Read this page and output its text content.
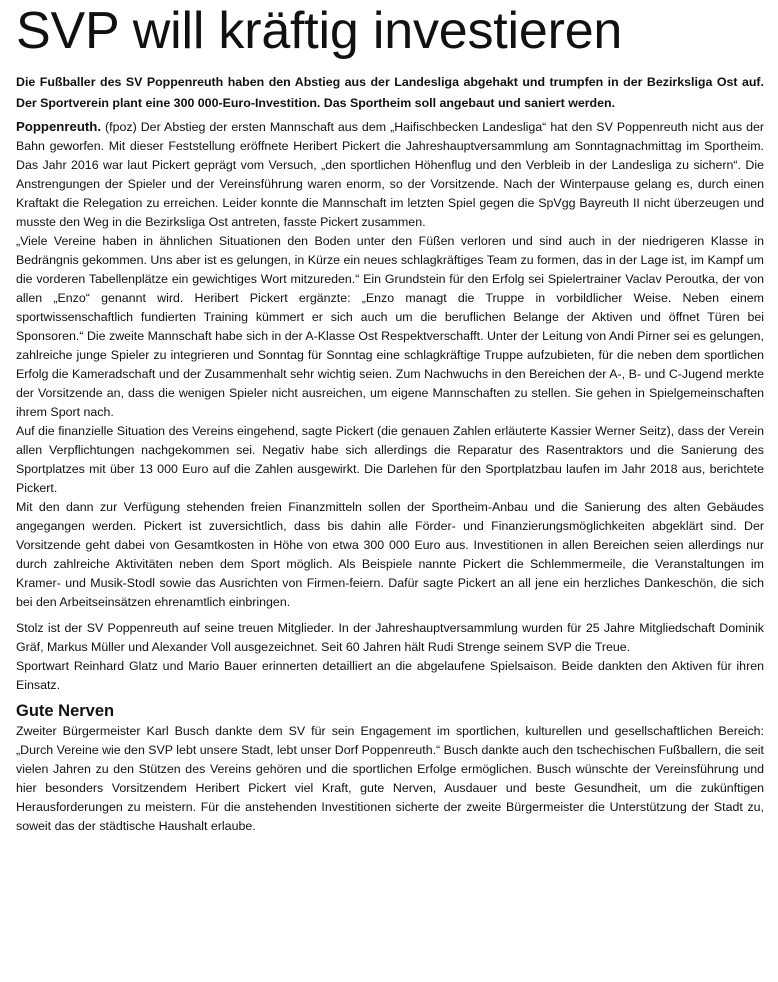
SVP will kräftig investieren

Die Fußballer des SV Poppenreuth haben den Abstieg aus der Landesliga abgehakt und trumpfen in der Bezirksliga Ost auf. Der Sportverein plant eine 300 000-Euro-Investition. Das Sportheim soll angebaut und saniert werden.

Poppenreuth. (fpoz) Der Abstieg der ersten Mannschaft aus dem „Haifischbecken Landesliga“ hat den SV Poppenreuth nicht aus der Bahn geworfen. Mit dieser Feststellung eröffnete Heribert Pickert die Jahreshauptversammlung am Sonntagnachmittag im Sportheim. Das Jahr 2016 war laut Pickert geprägt vom Versuch, „den sportlichen Höhenflug und den Verbleib in der Landesliga zu sichern“. Die Anstrengungen der Spieler und der Vereinsführung waren enorm, so der Vorsitzende. Nach der Winterpause gelang es, durch einen Kraftakt die Relegation zu erreichen. Leider konnte die Mannschaft im letzten Spiel gegen die SpVgg Bayreuth II nicht überzeugen und musste den Weg in die Bezirksliga Ost antreten, fasste Pickert zusammen.

„Viele Vereine haben in ähnlichen Situationen den Boden unter den Füßen verloren und sind auch in der niedrigeren Klasse in Bedrängnis gekommen. Uns aber ist es gelungen, in Kürze ein neues schlagkräftiges Team zu formen, das in der Lage ist, im Kampf um die vorderen Tabellenplätze ein gewichtiges Wort mitzureden.“ Ein Grundstein für den Erfolg sei Spielertrainer Vaclav Peroutka, der von allen „Enzo“ genannt wird. Heribert Pickert ergänzte: „Enzo managt die Truppe in vorbildlicher Weise. Neben einem sportwissenschaftlich fundierten Training kümmert er sich auch um die beruflichen Belange der Aktiven und öffnet Türen bei Sponsoren.“ Die zweite Mannschaft habe sich in der A-Klasse Ost Respektverschafft. Unter der Leitung von Andi Pirner sei es gelungen, zahlreiche junge Spieler zu integrieren und Sonntag für Sonntag eine schlagkräftige Truppe aufzubieten, für die neben dem sportlichen Erfolg die Kameradschaft und der Zusammenhalt sehr wichtig seien. Zum Nachwuchs in den Bereichen der A-, B- und C-Jugend merkte der Vorsitzende an, dass die wenigen Spieler nicht ausreichen, um eigene Mannschaften zu stellen. Sie gehen in Spielgemeinschaften ihrem Sport nach.

Auf die finanzielle Situation des Vereins eingehend, sagte Pickert (die genauen Zahlen erläuterte Kassier Werner Seitz), dass der Verein allen Verpflichtungen nachgekommen sei. Negativ habe sich allerdings die Reparatur des Rasentraktors und die Sanierung des Sportplatzes mit über 13 000 Euro auf die Zahlen ausgewirkt. Die Darlehen für den Sportplatzbau laufen im Jahr 2018 aus, berichtete Pickert.

Mit den dann zur Verfügung stehenden freien Finanzmitteln sollen der Sportheim-Anbau und die Sanierung des alten Gebäudes angegangen werden. Pickert ist zuversichtlich, dass bis dahin alle Förder- und Finanzierungsmöglichkeiten abgeklärt sind. Der Vorsitzende geht dabei von Gesamtkosten in Höhe von etwa 300 000 Euro aus. Investitionen in allen Bereichen seien allerdings nur durch zahlreiche Aktivitäten neben dem Sport möglich. Als Beispiele nannte Pickert die Schlemmermeile, die Veranstaltungen im Kramer- und Musik-Stodl sowie das Ausrichten von Firmen-feiern. Dafür sagte Pickert an all jene ein herzliches Dankeschön, die sich bei den Arbeitseinsätzen ehrenamtlich einbringen.

Stolz ist der SV Poppenreuth auf seine treuen Mitglieder. In der Jahreshauptversammlung wurden für 25 Jahre Mitgliedschaft Dominik Gräf, Markus Müller und Alexander Voll ausgezeichnet. Seit 60 Jahren hält Rudi Strenge seinem SVP die Treue.

Sportwart Reinhard Glatz und Mario Bauer erinnerten detailliert an die abgelaufene Spielsaison. Beide dankten den Aktiven für ihren Einsatz.

Gute Nerven

Zweiter Bürgermeister Karl Busch dankte dem SV für sein Engagement im sportlichen, kulturellen und gesellschaftlichen Bereich: „Durch Vereine wie den SVP lebt unsere Stadt, lebt unser Dorf Poppenreuth.“ Busch dankte auch den tschechischen Fußballern, die seit vielen Jahren zu den Stützen des Vereins gehören und die sportlichen Erfolge ermöglichen. Busch wünschte der Vereinsführung und hier besonders Vorsitzendem Heribert Pickert viel Kraft, gute Nerven, Ausdauer und beste Gesundheit, um die zukünftigen Herausforderungen zu meistern. Für die anstehenden Investitionen sicherte der zweite Bürgermeister die Unterstützung der Stadt zu, soweit das der städtische Haushalt erlaube.
